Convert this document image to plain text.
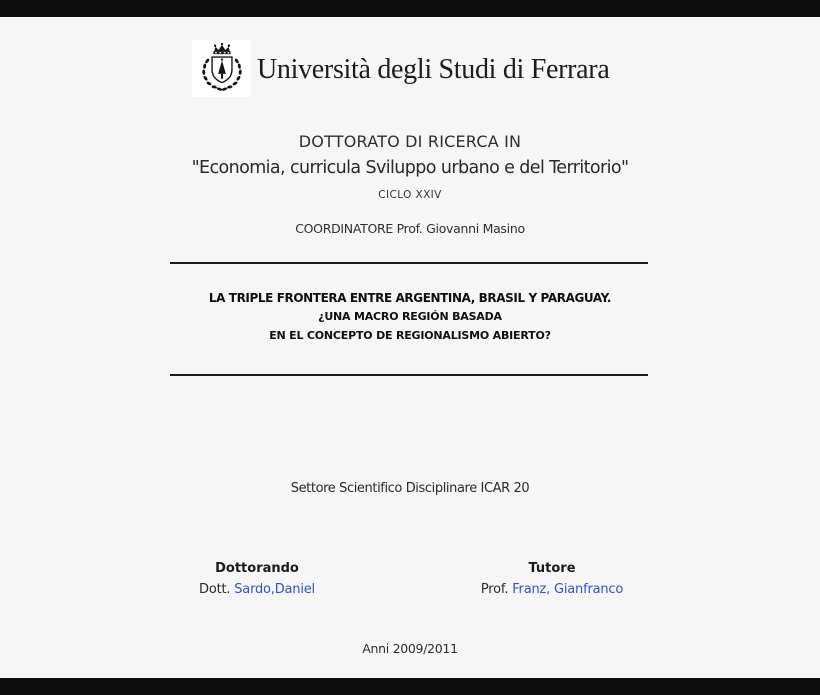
Università degli Studi di Ferrara
DOTTORATO DI RICERCA IN
"Economia, curricula Sviluppo urbano e del Territorio"
CICLO XXIV
COORDINATORE Prof. Giovanni Masino
LA TRIPLE FRONTERA ENTRE ARGENTINA, BRASIL Y PARAGUAY.
¿UNA MACRO REGIÓN BASADA
EN EL CONCEPTO DE REGIONALISMO ABIERTO?
Settore Scientifico Disciplinare ICAR 20
Dottorando
Dott. Sardo,Daniel
Tutore
Prof. Franz, Gianfranco
Anni 2009/2011
